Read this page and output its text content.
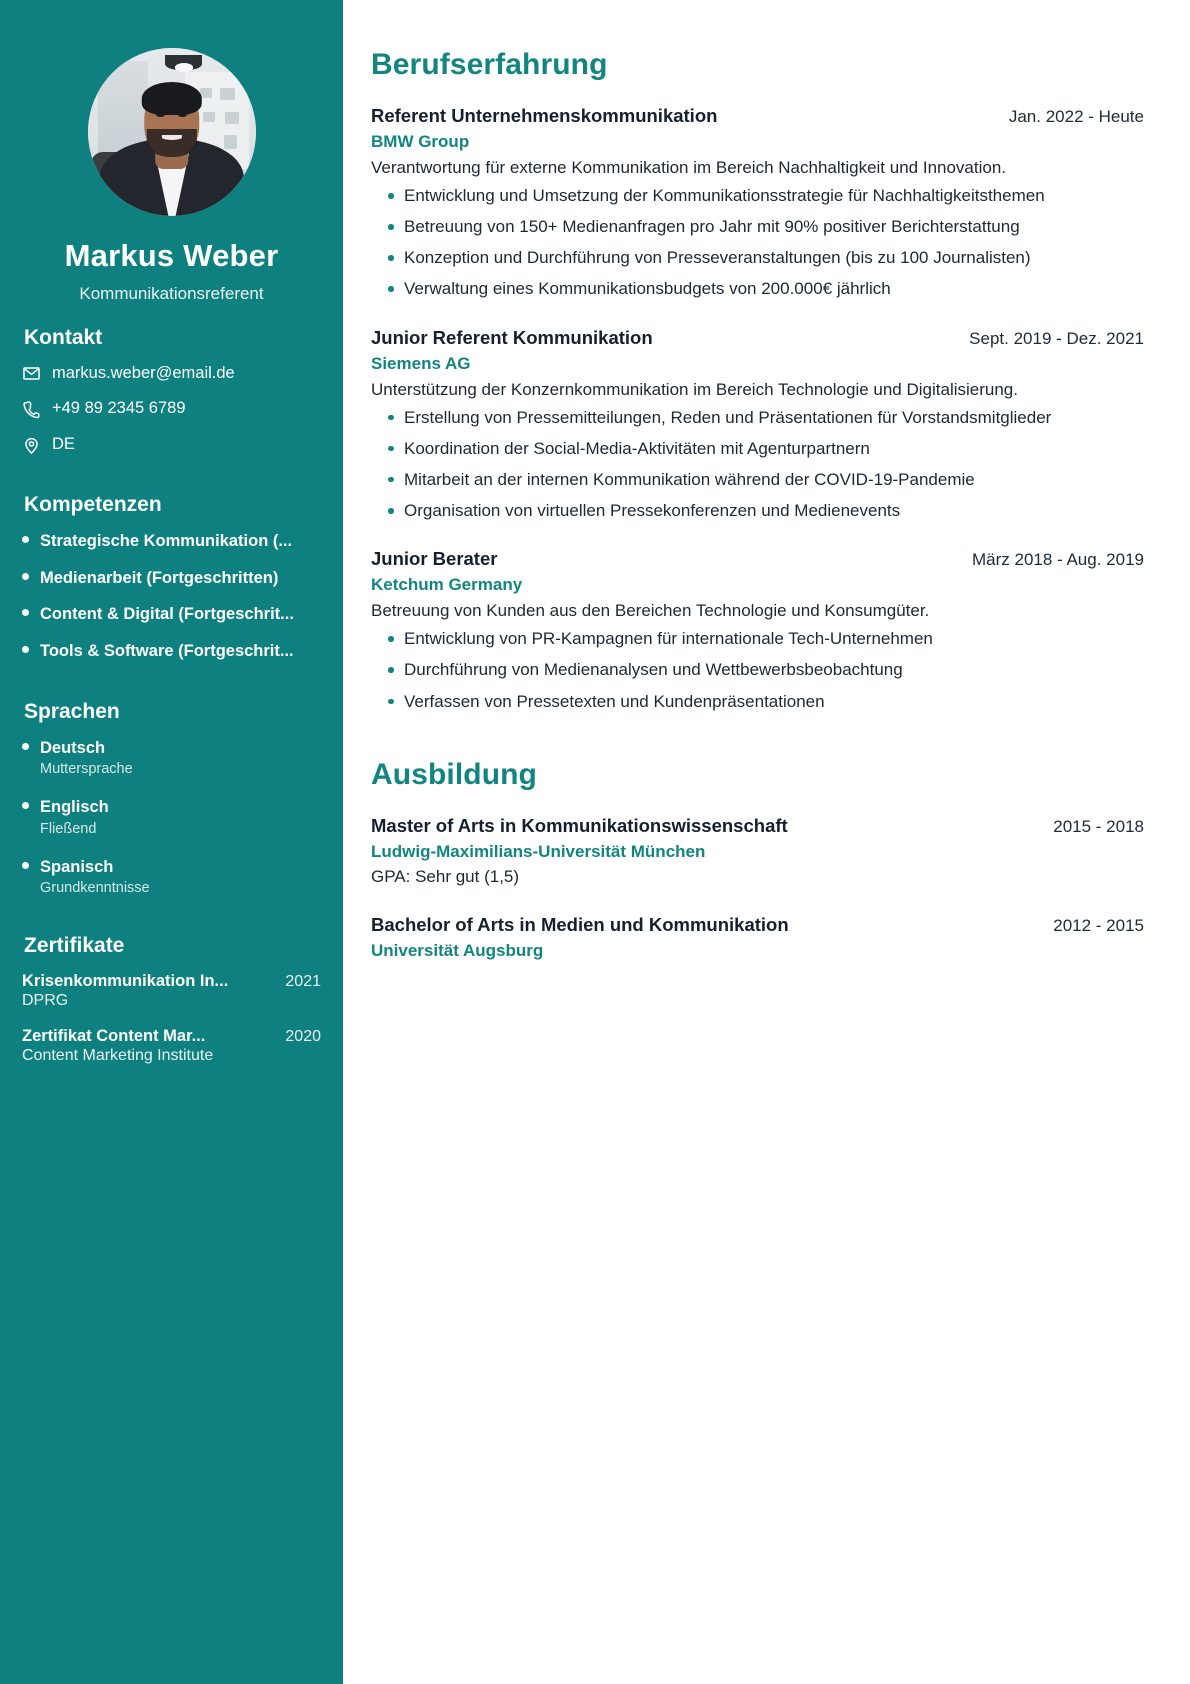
Markus Weber
Kommunikationsreferent
Kontakt
markus.weber@email.de
+49 89 2345 6789
DE
Kompetenzen
Strategische Kommunikation (...
Medienarbeit (Fortgeschritten)
Content & Digital (Fortgeschrit...
Tools & Software (Fortgeschrit...
Sprachen
Deutsch
Muttersprache
Englisch
Fließend
Spanisch
Grundkenntnisse
Zertifikate
Krisenkommunikation In...	2021
DPRG
Zertifikat Content Mar...	2020
Content Marketing Institute
Berufserfahrung
Referent Unternehmenskommunikation	Jan. 2022 - Heute
BMW Group
Verantwortung für externe Kommunikation im Bereich Nachhaltigkeit und Innovation.
Entwicklung und Umsetzung der Kommunikationsstrategie für Nachhaltigkeitsthemen
Betreuung von 150+ Medienanfragen pro Jahr mit 90% positiver Berichterstattung
Konzeption und Durchführung von Presseveranstaltungen (bis zu 100 Journalisten)
Verwaltung eines Kommunikationsbudgets von 200.000€ jährlich
Junior Referent Kommunikation	Sept. 2019 - Dez. 2021
Siemens AG
Unterstützung der Konzernkommunikation im Bereich Technologie und Digitalisierung.
Erstellung von Pressemitteilungen, Reden und Präsentationen für Vorstandsmitglieder
Koordination der Social-Media-Aktivitäten mit Agenturpartnern
Mitarbeit an der internen Kommunikation während der COVID-19-Pandemie
Organisation von virtuellen Pressekonferenzen und Medienevents
Junior Berater	März 2018 - Aug. 2019
Ketchum Germany
Betreuung von Kunden aus den Bereichen Technologie und Konsumgüter.
Entwicklung von PR-Kampagnen für internationale Tech-Unternehmen
Durchführung von Medienanalysen und Wettbewerbsbeobachtung
Verfassen von Pressetexten und Kundenpräsentationen
Ausbildung
Master of Arts in Kommunikationswissenschaft	2015 - 2018
Ludwig-Maximilians-Universität München
GPA: Sehr gut (1,5)
Bachelor of Arts in Medien und Kommunikation	2012 - 2015
Universität Augsburg
